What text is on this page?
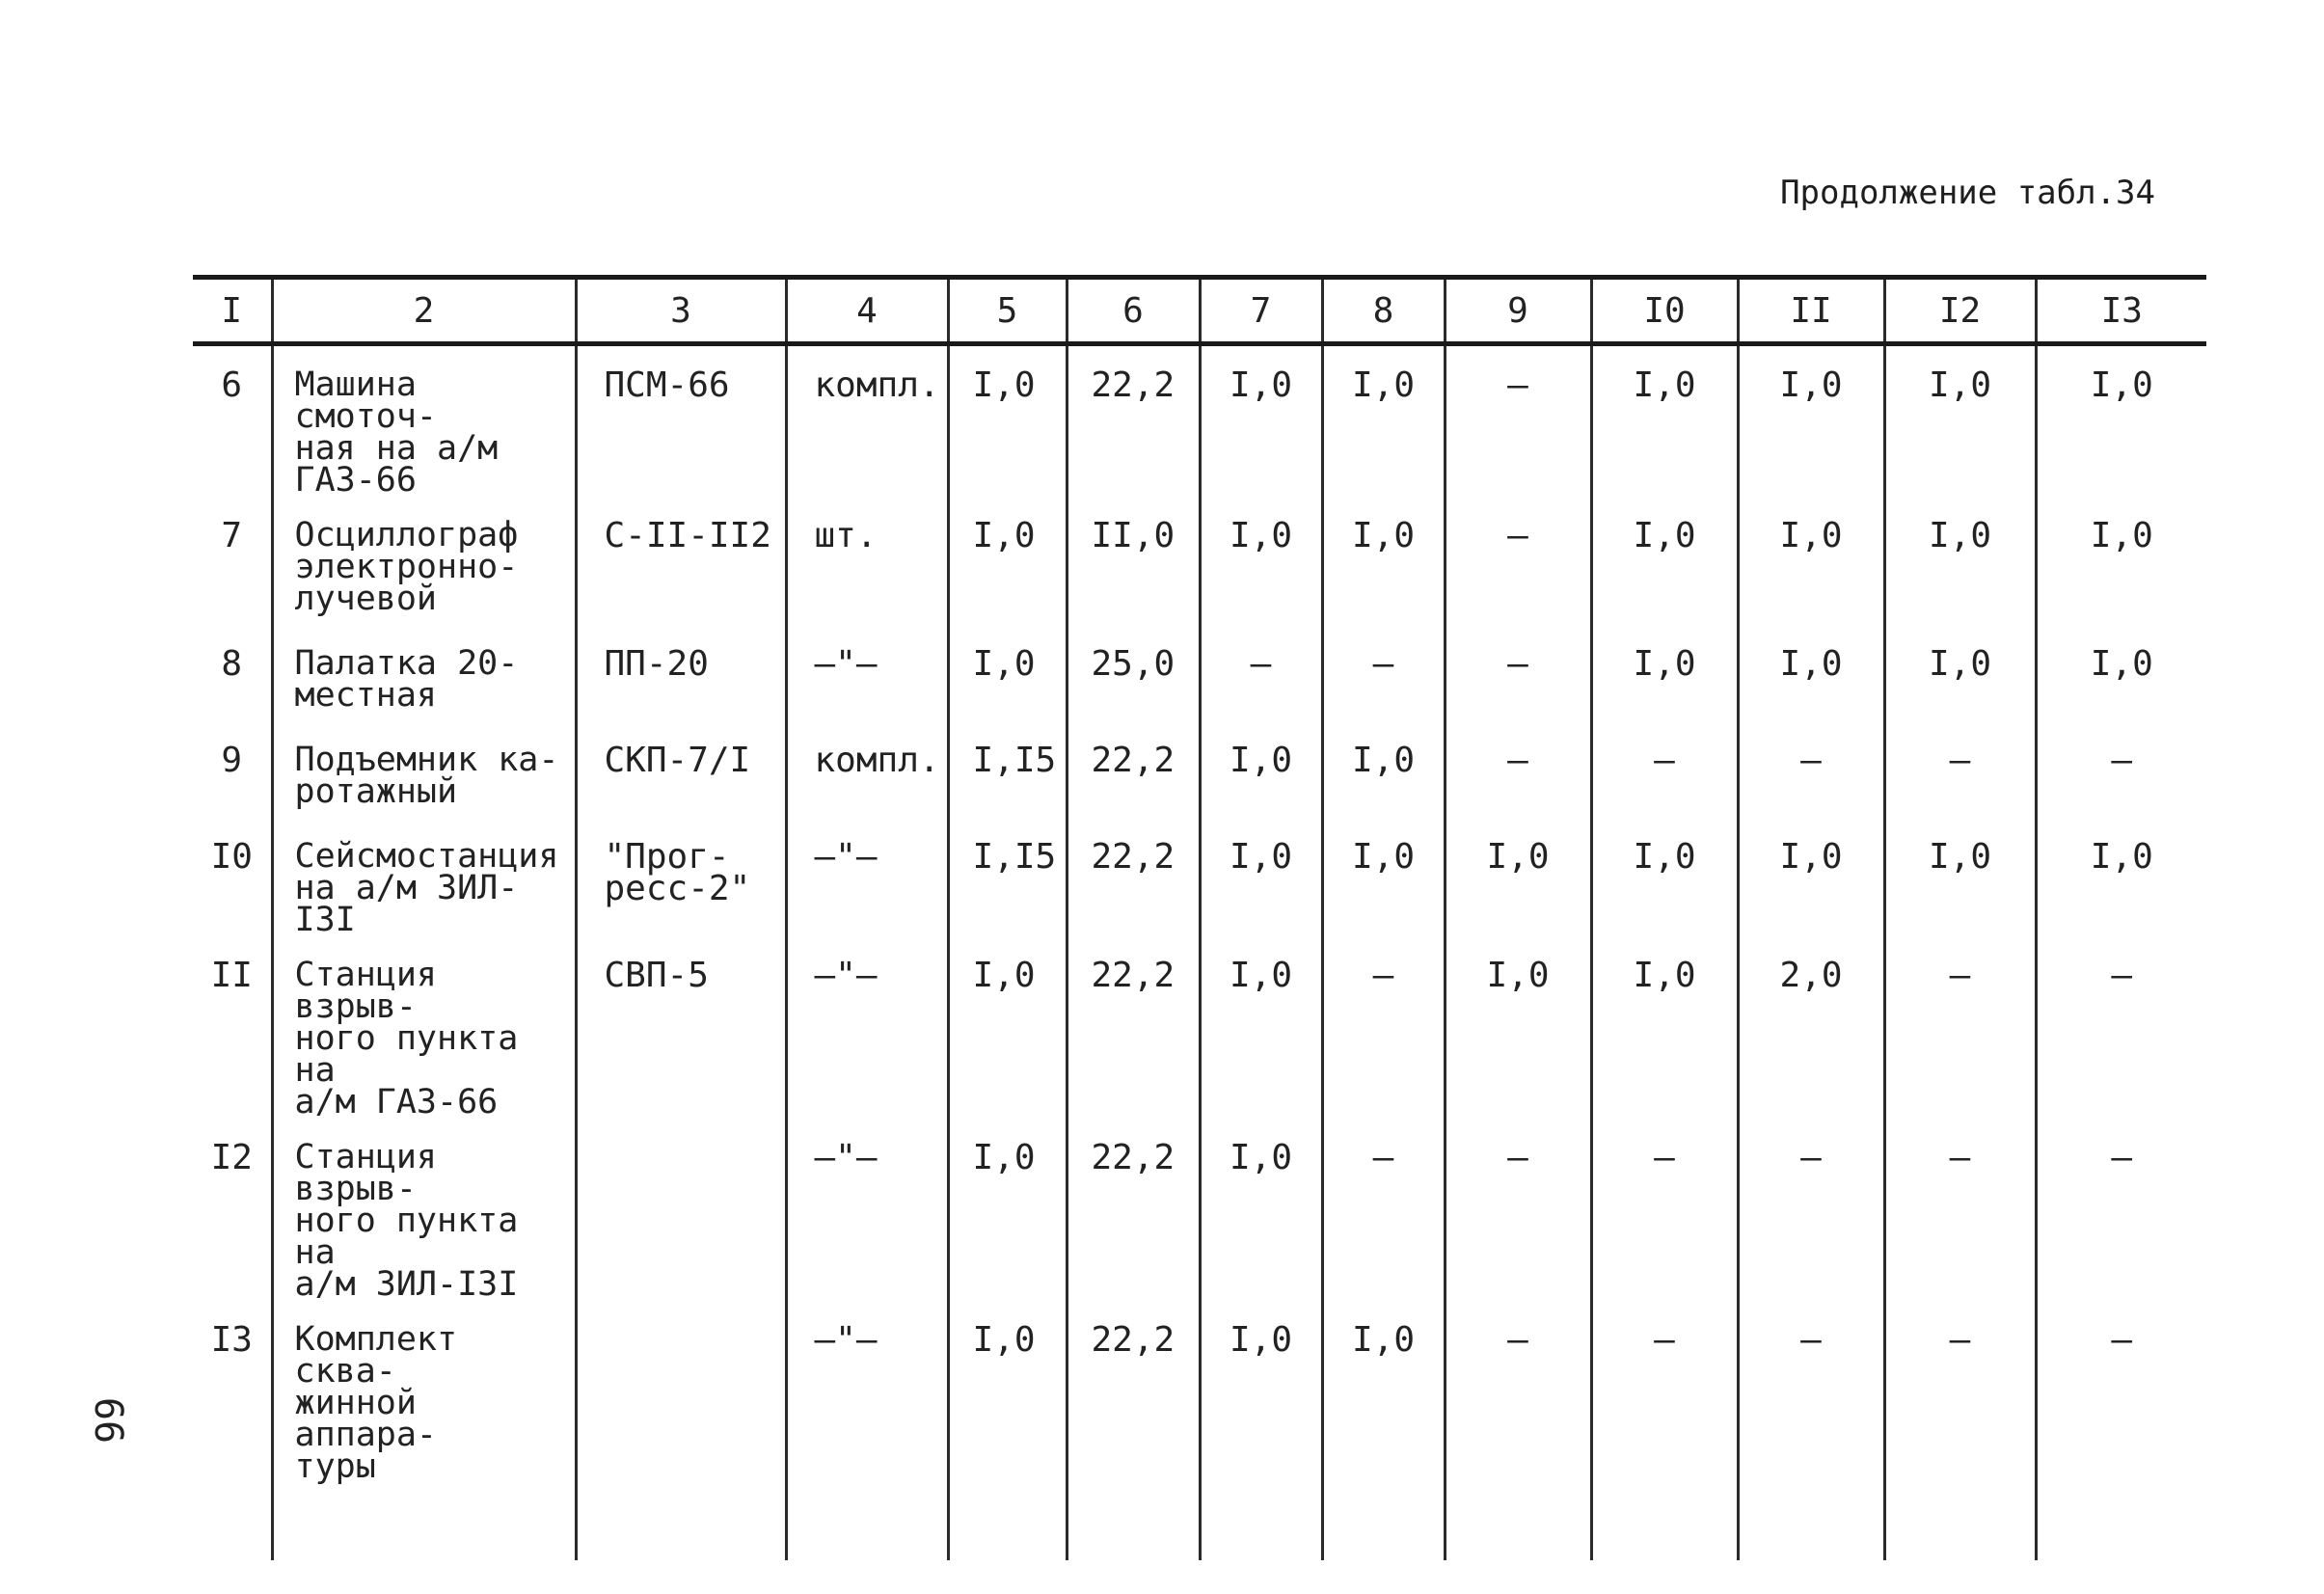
Продолжение табл.34
I	2	3	4	5	6	7	8	9	I0	II	I2	I3
6	Машина смоточ-
ная на а/м
ГАЗ-66	ПСМ-66	компл.	I,0	22,2	I,0	I,0	–	I,0	I,0	I,0	I,0
7	Осциллограф
электронно-
лучевой	С-II-II2	шт.	I,0	II,0	I,0	I,0	–	I,0	I,0	I,0	I,0
8	Палатка 20-
местная	ПП-20	–"–	I,0	25,0	–	–	–	I,0	I,0	I,0	I,0
9	Подъемник ка-
ротажный	СКП-7/I	компл.	I,I5	22,2	I,0	I,0	–	–	–	–	–
I0	Сейсмостанция
на а/м ЗИЛ-I3I	"Прог-
ресс-2"	–"–	I,I5	22,2	I,0	I,0	I,0	I,0	I,0	I,0	I,0
II	Станция взрыв-
ного пункта на
а/м ГАЗ-66	СВП-5	–"–	I,0	22,2	I,0	–	I,0	I,0	2,0	–	–
I2	Станция взрыв-
ного пункта на
а/м ЗИЛ-I3I		–"–	I,0	22,2	I,0	–	–	–	–	–	–
I3	Комплект сква-
жинной аппара-
туры		–"–	I,0	22,2	I,0	I,0	–	–	–	–	–

66
